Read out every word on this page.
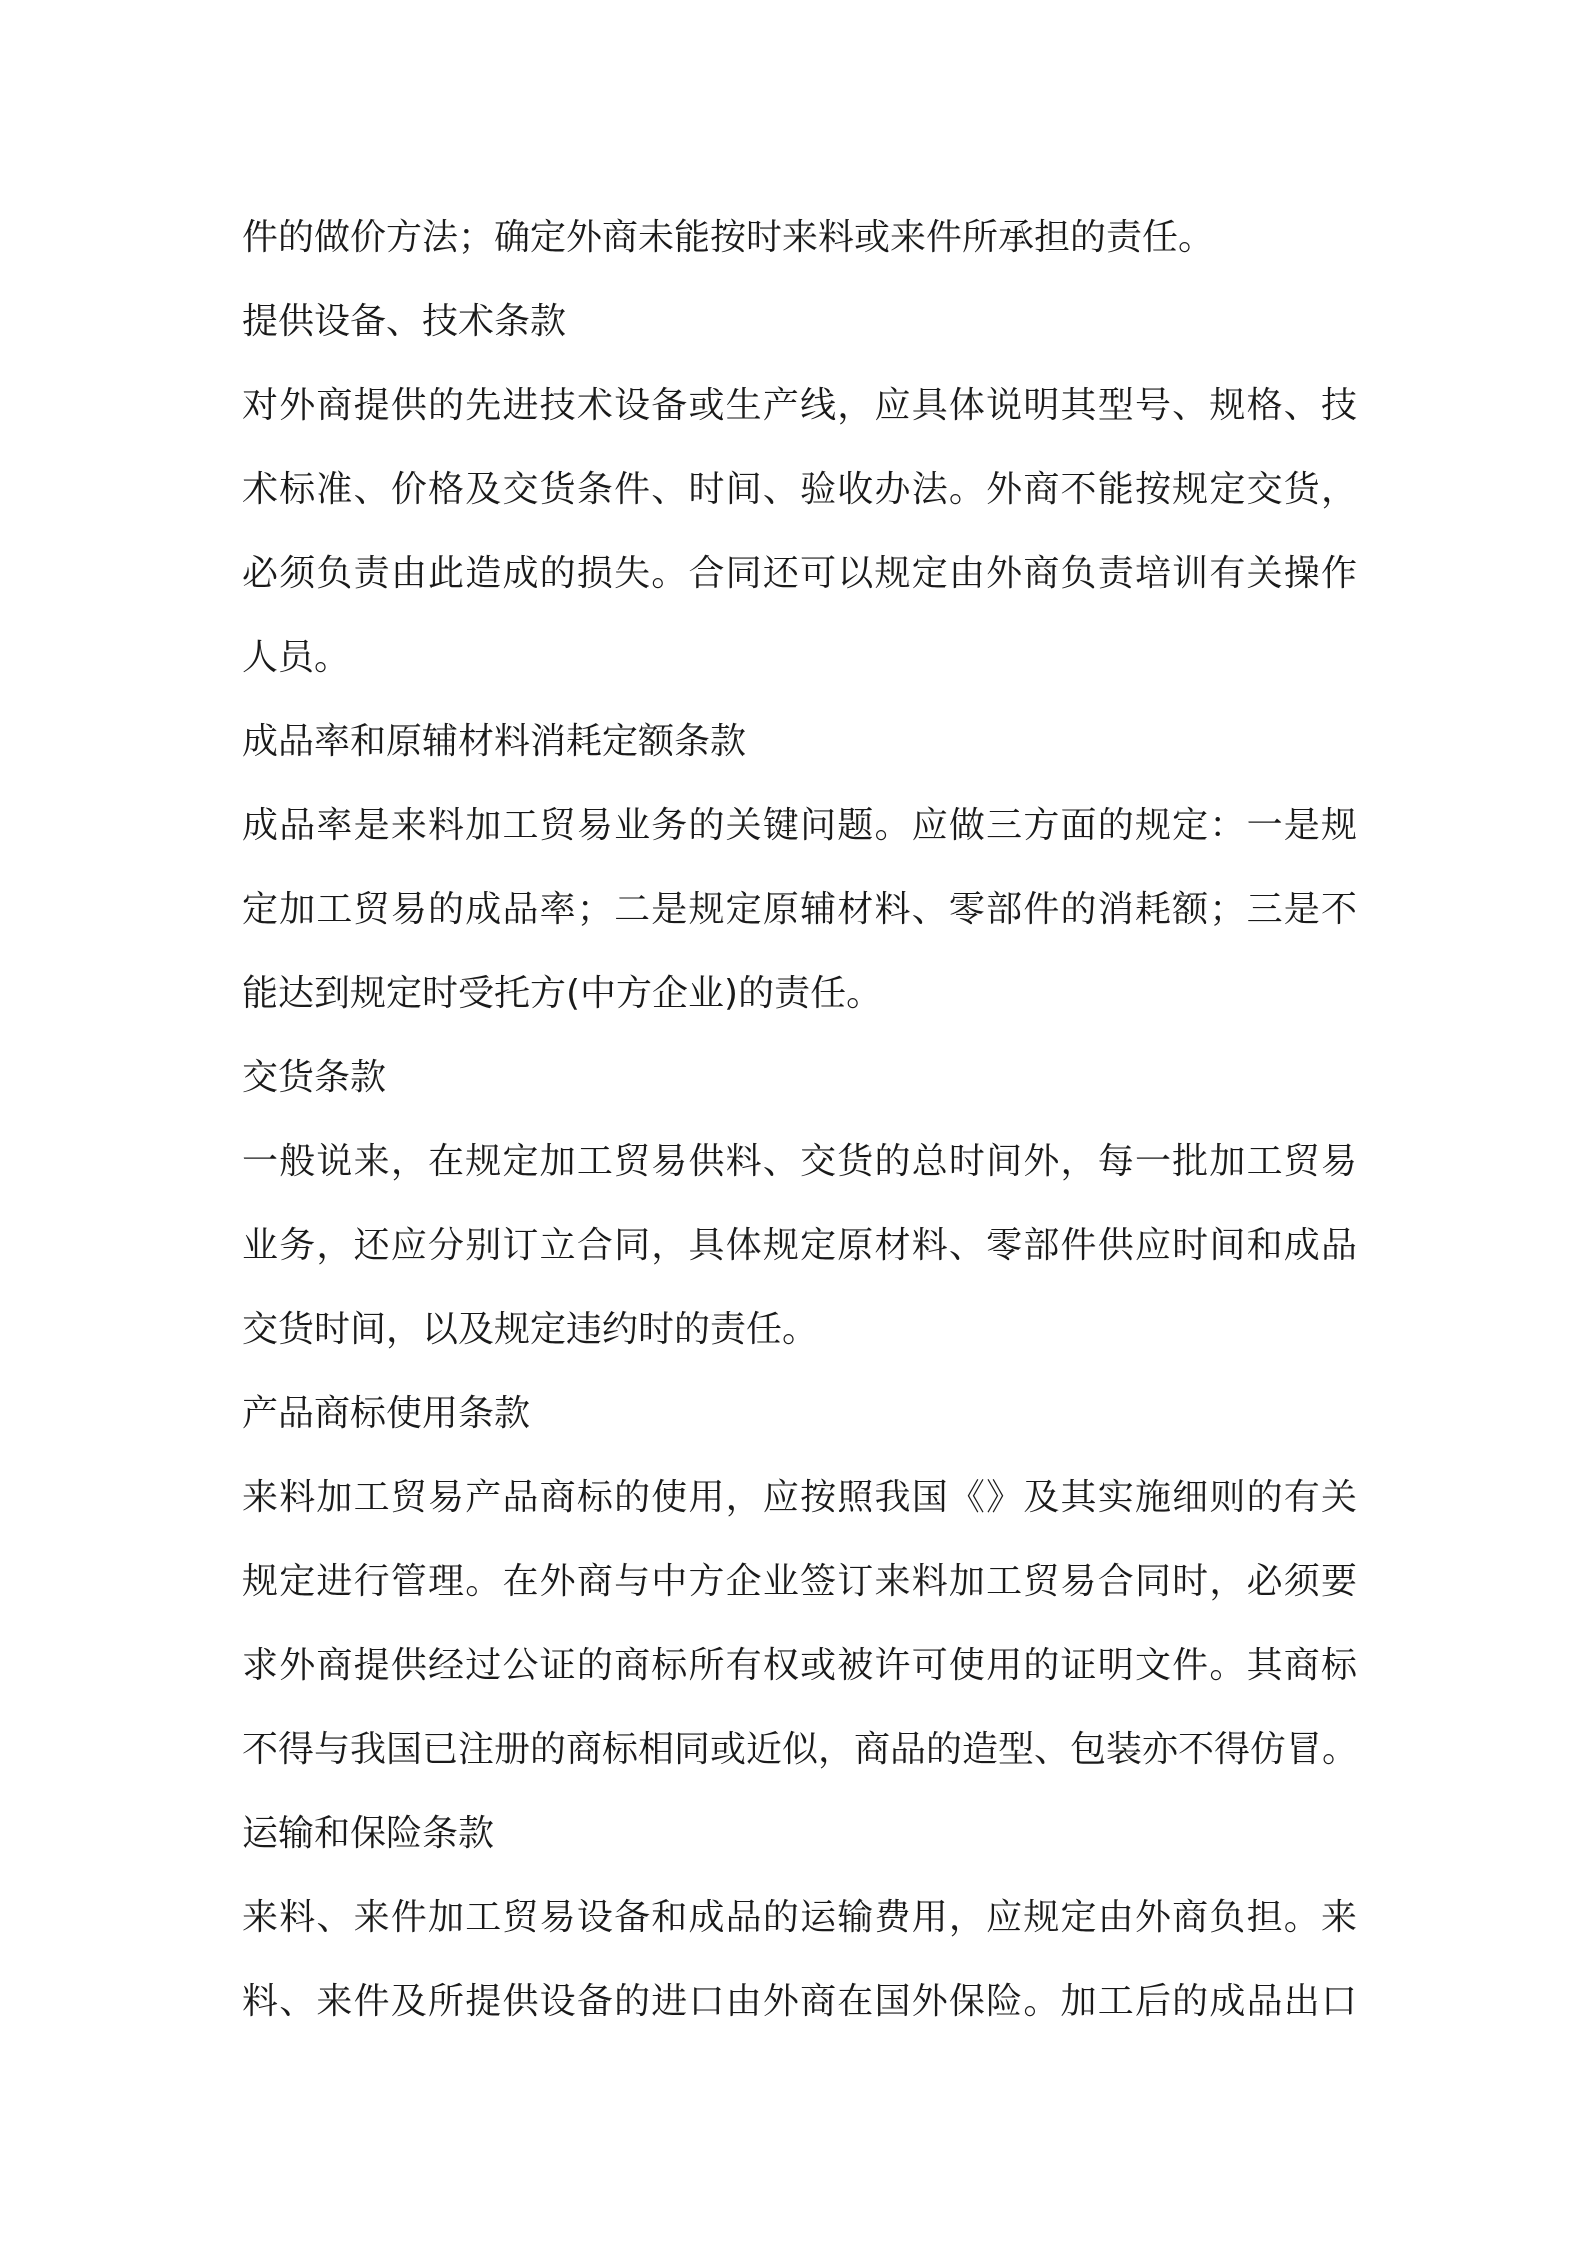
件的做价方法；确定外商未能按时来料或来件所承担的责任。
提供设备、技术条款
对外商提供的先进技术设备或生产线，应具体说明其型号、规格、技
术标准、价格及交货条件、时间、验收办法。外商不能按规定交货，
必须负责由此造成的损失。合同还可以规定由外商负责培训有关操作
人员。
成品率和原辅材料消耗定额条款
成品率是来料加工贸易业务的关键问题。应做三方面的规定：一是规
定加工贸易的成品率；二是规定原辅材料、零部件的消耗额；三是不
能达到规定时受托方(中方企业)的责任。
交货条款
一般说来，在规定加工贸易供料、交货的总时间外，每一批加工贸易
业务，还应分别订立合同，具体规定原材料、零部件供应时间和成品
交货时间，以及规定违约时的责任。
产品商标使用条款
来料加工贸易产品商标的使用，应按照我国《》及其实施细则的有关
规定进行管理。在外商与中方企业签订来料加工贸易合同时，必须要
求外商提供经过公证的商标所有权或被许可使用的证明文件。其商标
不得与我国已注册的商标相同或近似，商品的造型、包装亦不得仿冒。
运输和保险条款
来料、来件加工贸易设备和成品的运输费用，应规定由外商负担。来
料、来件及所提供设备的进口由外商在国外保险。加工后的成品出口
